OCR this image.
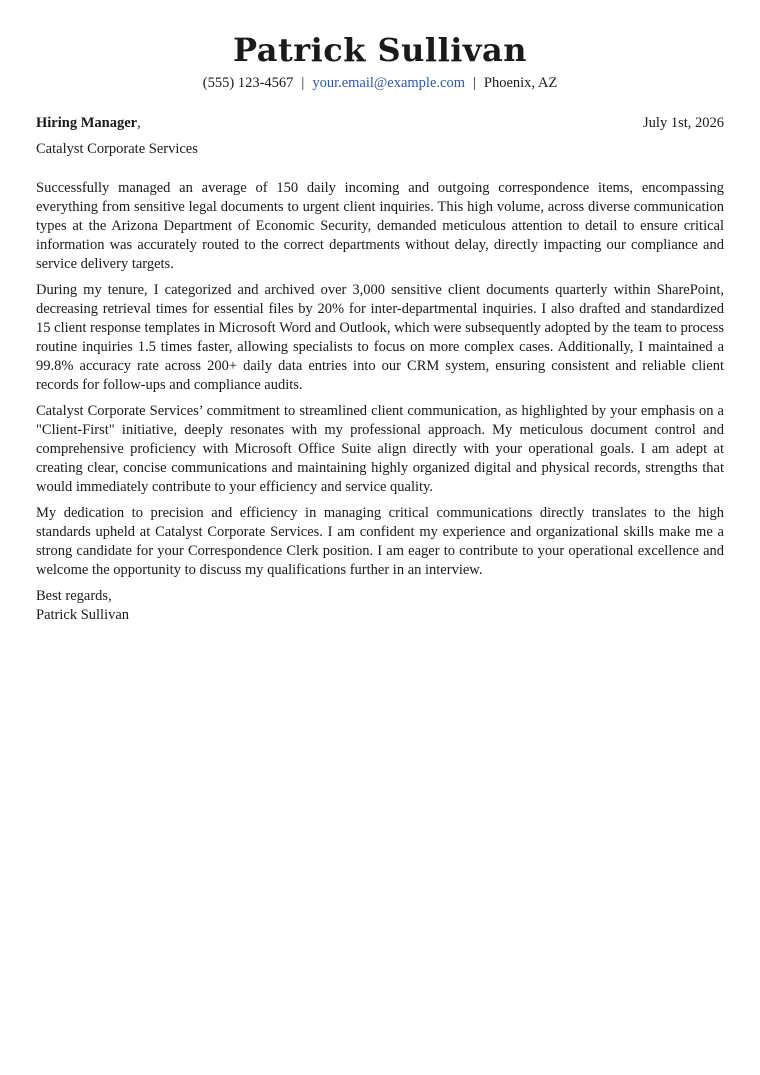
Patrick Sullivan
(555) 123-4567 | your.email@example.com | Phoenix, AZ
Hiring Manager,	July 1st, 2026
Catalyst Corporate Services

Successfully managed an average of 150 daily incoming and outgoing correspondence items, encompassing everything from sensitive legal documents to urgent client inquiries. This high volume, across diverse communication types at the Arizona Department of Economic Security, demanded meticulous attention to detail to ensure critical information was accurately routed to the correct departments without delay, directly impacting our compliance and service delivery targets.

During my tenure, I categorized and archived over 3,000 sensitive client documents quarterly within SharePoint, decreasing retrieval times for essential files by 20% for inter-departmental inquiries. I also drafted and standardized 15 client response templates in Microsoft Word and Outlook, which were subsequently adopted by the team to process routine inquiries 1.5 times faster, allowing specialists to focus on more complex cases. Additionally, I maintained a 99.8% accuracy rate across 200+ daily data entries into our CRM system, ensuring consistent and reliable client records for follow-ups and compliance audits.

Catalyst Corporate Services’ commitment to streamlined client communication, as highlighted by your emphasis on a "Client-First" initiative, deeply resonates with my professional approach. My meticulous document control and comprehensive proficiency with Microsoft Office Suite align directly with your operational goals. I am adept at creating clear, concise communications and maintaining highly organized digital and physical records, strengths that would immediately contribute to your efficiency and service quality.

My dedication to precision and efficiency in managing critical communications directly translates to the high standards upheld at Catalyst Corporate Services. I am confident my experience and organizational skills make me a strong candidate for your Correspondence Clerk position. I am eager to contribute to your operational excellence and welcome the opportunity to discuss my qualifications further in an interview.

Best regards,
Patrick Sullivan
